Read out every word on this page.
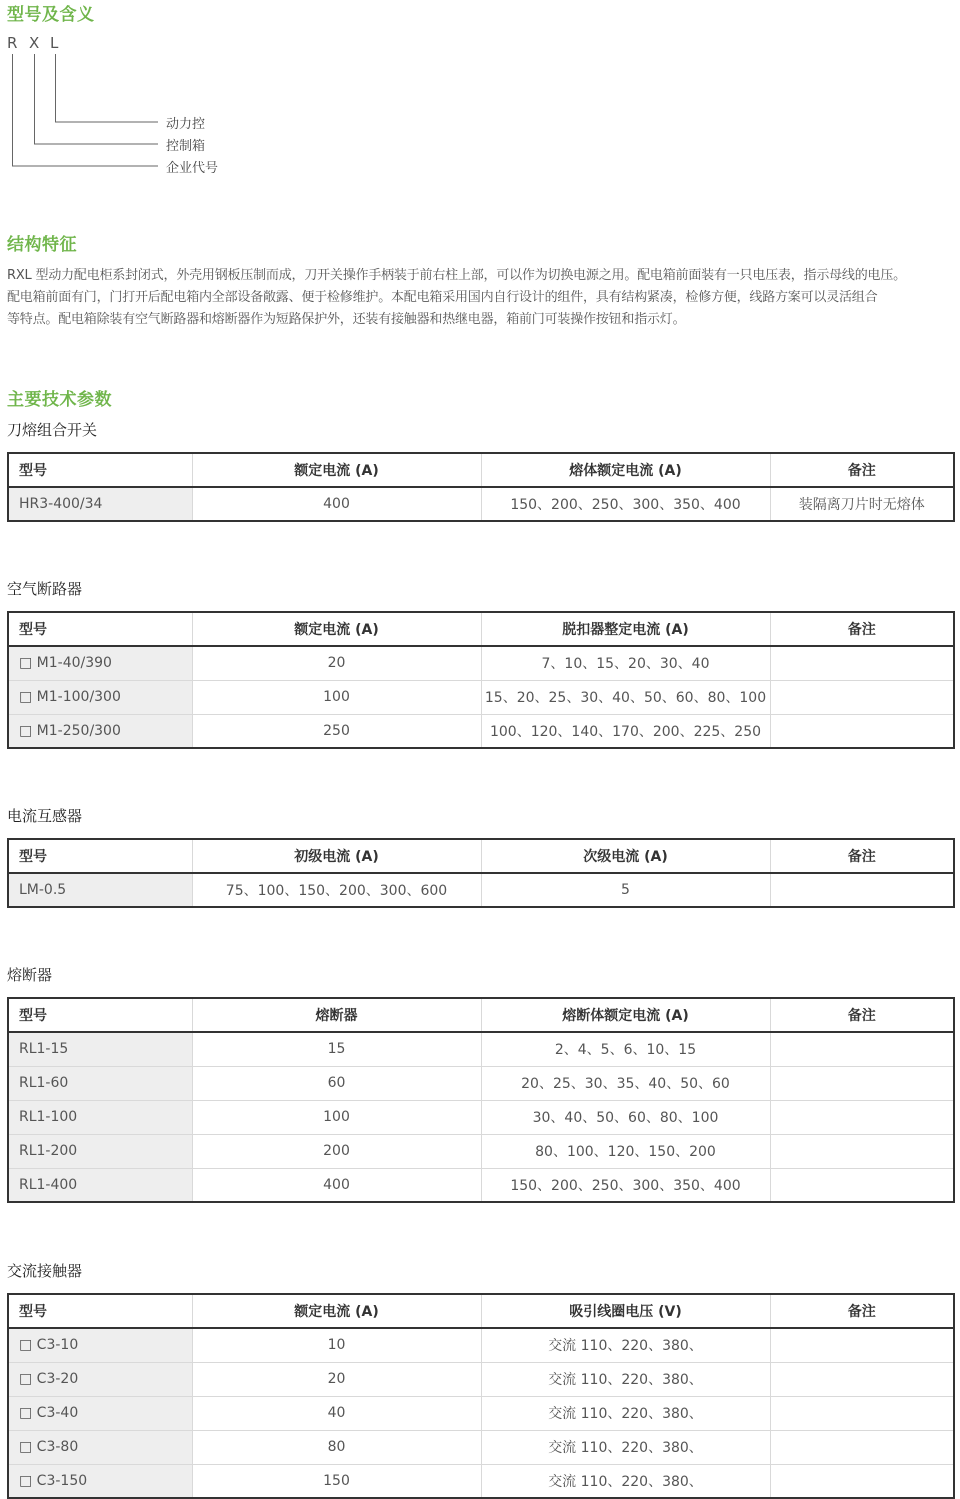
型号及含义
R X L
动力控
控制箱
企业代号
结构特征
RXL 型动力配电柜系封闭式，外壳用钢板压制而成，刀开关操作手柄装于前右柱上部，可以作为切换电源之用。配电箱前面装有一只电压表，指示母线的电压。
配电箱前面有门，门打开后配电箱内全部设备敞露、便于检修维护。本配电箱采用国内自行设计的组件，具有结构紧凑，检修方便，线路方案可以灵活组合
等特点。配电箱除装有空气断路器和熔断器作为短路保护外，还装有接触器和热继电器，箱前门可装操作按钮和指示灯。
主要技术参数
刀熔组合开关
型号	额定电流 (A)	熔体额定电流 (A)	备注
HR3-400/34	400	150、200、250、300、350、400	装隔离刀片时无熔体
空气断路器
型号	额定电流 (A)	脱扣器整定电流 (A)	备注
□ M1-40/390	20	7、10、15、20、30、40	
□ M1-100/300	100	15、20、25、30、40、50、60、80、100	
□ M1-250/300	250	100、120、140、170、200、225、250	
电流互感器
型号	初级电流 (A)	次级电流 (A)	备注
LM-0.5	75、100、150、200、300、600	5	
熔断器
型号	熔断器	熔断体额定电流 (A)	备注
RL1-15	15	2、4、5、6、10、15	
RL1-60	60	20、25、30、35、40、50、60	
RL1-100	100	30、40、50、60、80、100	
RL1-200	200	80、100、120、150、200	
RL1-400	400	150、200、250、300、350、400	
交流接触器
型号	额定电流 (A)	吸引线圈电压 (V)	备注
□ C3-10	10	交流 110、220、380、	
□ C3-20	20	交流 110、220、380、	
□ C3-40	40	交流 110、220、380、	
□ C3-80	80	交流 110、220、380、	
□ C3-150	150	交流 110、220、380、	
